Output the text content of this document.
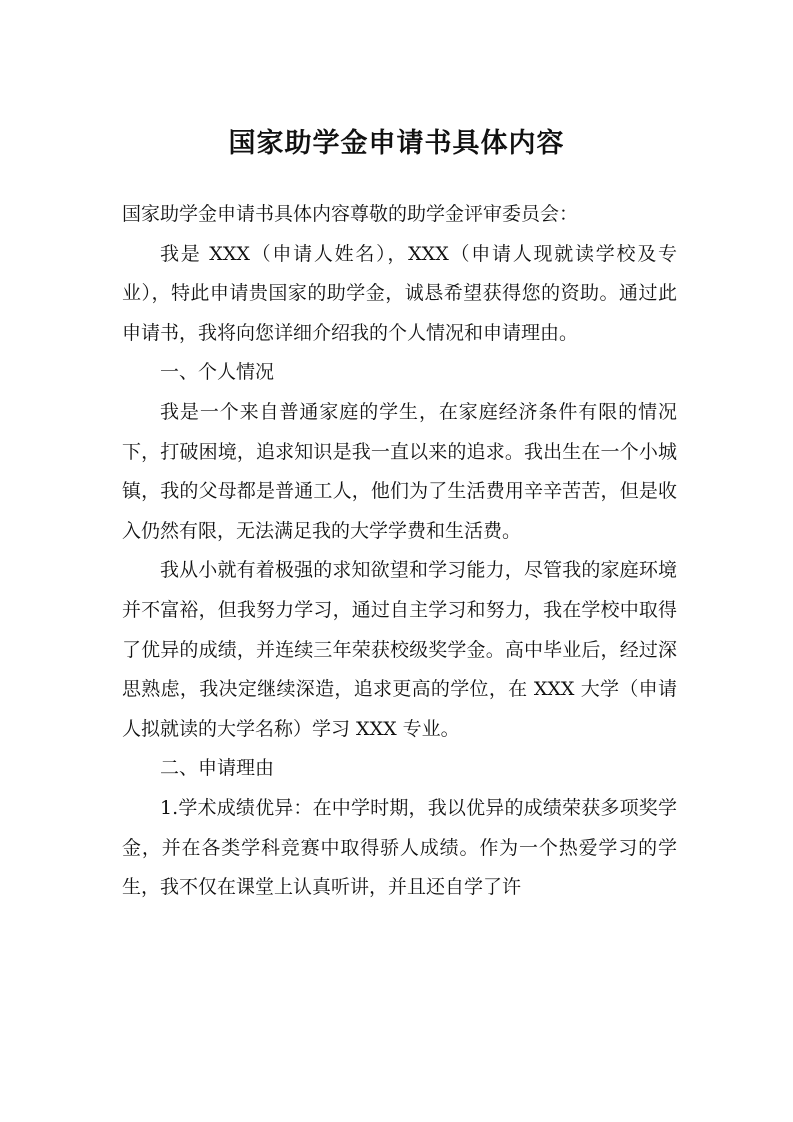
国家助学金申请书具体内容

国家助学金申请书具体内容尊敬的助学金评审委员会：

我是 XXX（申请人姓名），XXX（申请人现就读学校及专业），特此申请贵国家的助学金，诚恳希望获得您的资助。通过此申请书，我将向您详细介绍我的个人情况和申请理由。

一、个人情况

我是一个来自普通家庭的学生，在家庭经济条件有限的情况下，打破困境，追求知识是我一直以来的追求。我出生在一个小城镇，我的父母都是普通工人，他们为了生活费用辛辛苦苦，但是收入仍然有限，无法满足我的大学学费和生活费。

我从小就有着极强的求知欲望和学习能力，尽管我的家庭环境并不富裕，但我努力学习，通过自主学习和努力，我在学校中取得了优异的成绩，并连续三年荣获校级奖学金。高中毕业后，经过深思熟虑，我决定继续深造，追求更高的学位，在 XXX 大学（申请人拟就读的大学名称）学习 XXX 专业。

二、申请理由

1.学术成绩优异：在中学时期，我以优异的成绩荣获多项奖学金，并在各类学科竞赛中取得骄人成绩。作为一个热爱学习的学生，我不仅在课堂上认真听讲，并且还自学了许
